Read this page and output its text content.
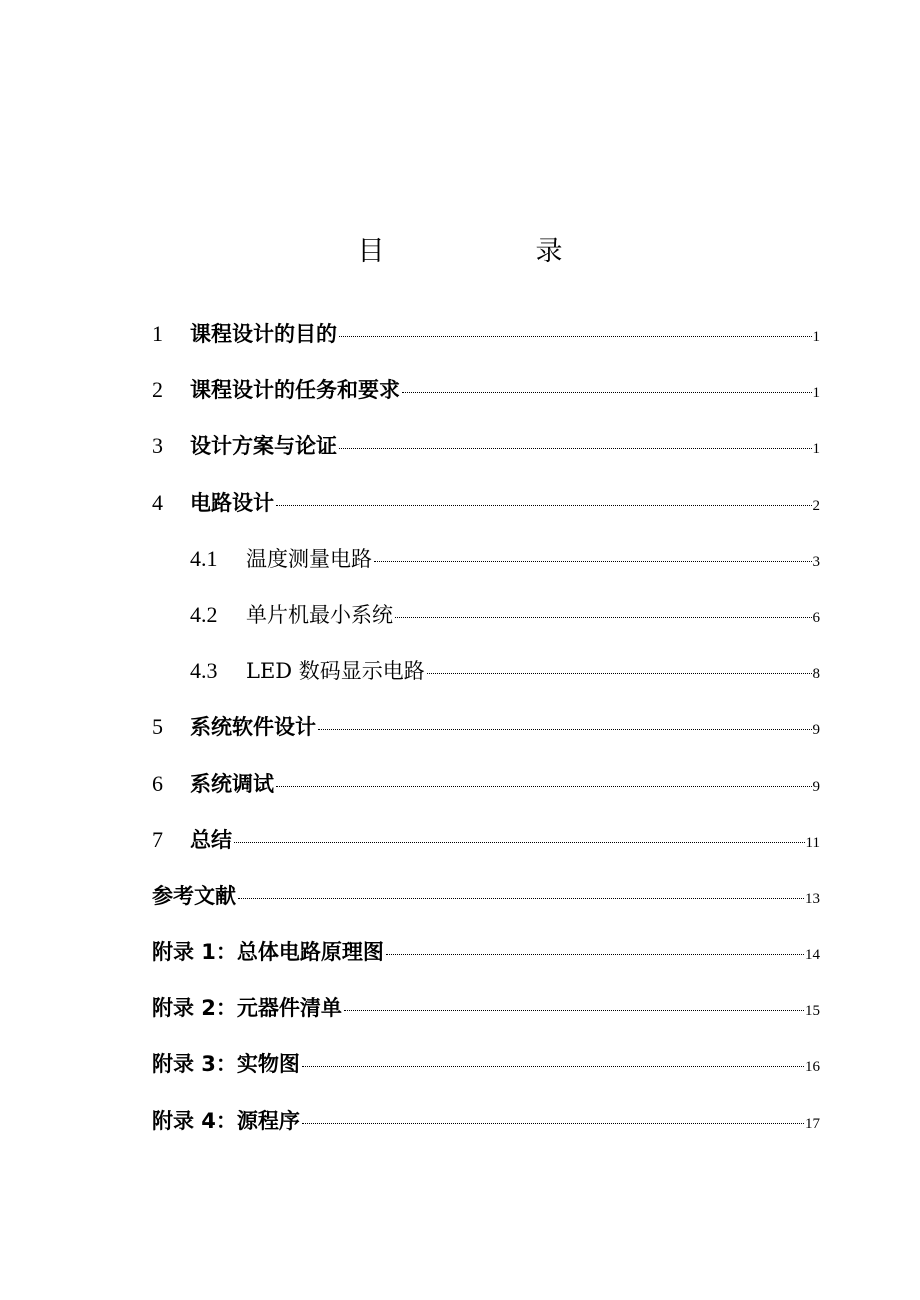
目　录
1	课程设计的目的	1
2	课程设计的任务和要求	1
3	设计方案与论证	1
4	电路设计	2
4.1	温度测量电路	3
4.2	单片机最小系统	6
4.3	LED 数码显示电路	8
5	系统软件设计	9
6	系统调试	9
7	总结	11
参考文献	13
附录 1：总体电路原理图	14
附录 2：元器件清单	15
附录 3：实物图	16
附录 4：源程序	17
